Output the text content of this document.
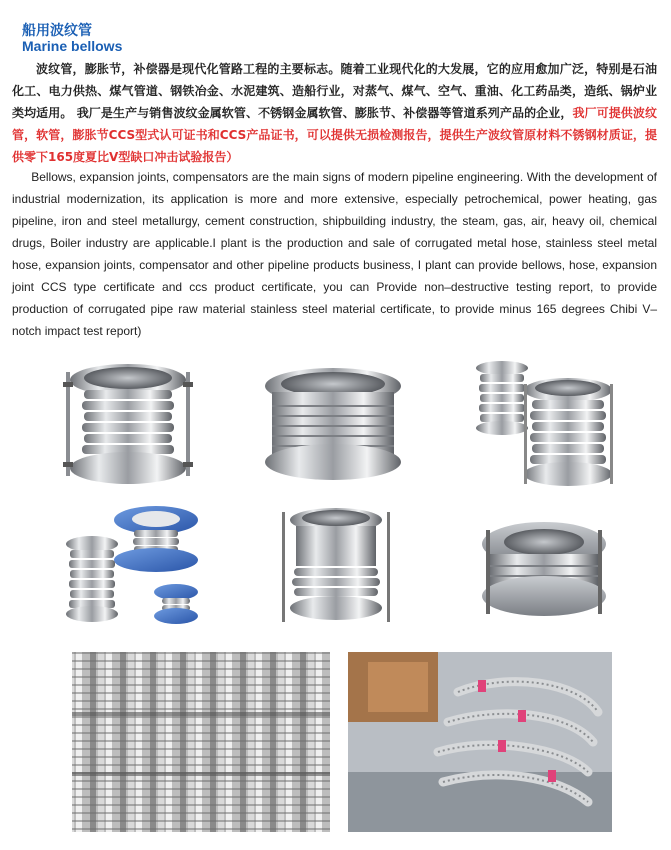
船用波纹管
Marine bellows

波纹管，膨胀节，补偿器是现代化管路工程的主要标志。随着工业现代化的大发展，它的应用愈加广泛，特别是石油化工、电力供热、煤气管道、钢铁冶金、水泥建筑、造船行业，对蒸气、煤气、空气、重油、化工药品类，造纸、锅炉业类均适用。 我厂是生产与销售波纹金属软管、不锈钢金属软管、膨胀节、补偿器等管道系列产品的企业，我厂可提供波纹管，软管，膨胀节CCS型式认可证书和CCS产品证书，可以提供无损检测报告，提供生产波纹管原材料不锈钢材质证，提供零下165度夏比V型缺口冲击试验报告）

Bellows, expansion joints, compensators are the main signs of modern pipeline engineering. With the development of industrial modernization, its application is more and more extensive, especially petrochemical, power heating, gas pipeline, iron and steel metallurgy, cement construction, shipbuilding industry, the steam, gas, air, heavy oil, chemical drugs, Boiler industry are applicable.I plant is the production and sale of corrugated metal hose, stainless steel metal hose, expansion joints, compensator and other pipeline products business, I plant can provide bellows, hose, expansion joint CCS type certificate and ccs product certificate, you can Provide non–destructive testing report, to provide production of corrugated pipe raw material stainless steel material certificate, to provide minus 165 degrees Chibi V–notch impact test report)
